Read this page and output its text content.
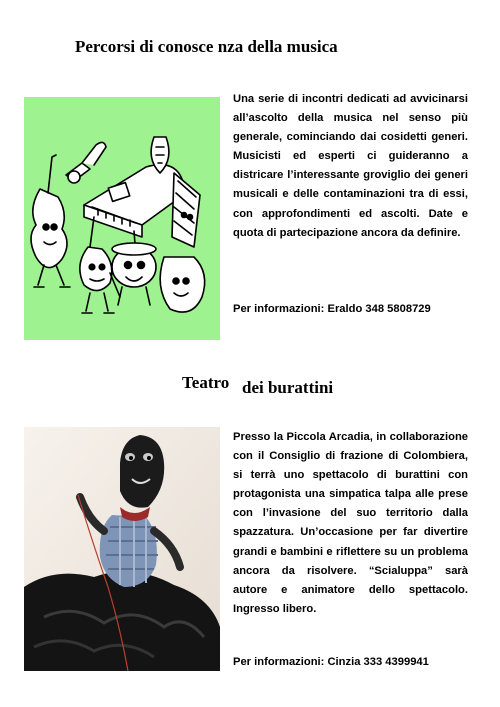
Percorsi di conosce nza della musica
Una serie di incontri dedicati ad avvicinarsi all’ascolto della musica nel senso più generale, cominciando dai cosidetti generi. Musicisti ed esperti ci guideranno a districare l’interessante groviglio dei generi musicali e delle contaminazioni tra di essi, con approfondimenti ed ascolti. Date e quota di partecipazione ancora da definire.
Per informazioni: Eraldo 348 5808729
Teatro dei burattini
Presso la Piccola Arcadia, in collaborazione con il Consiglio di frazione di Colombiera, si terrà uno spettacolo di burattini con protagonista una simpatica talpa alle prese con l’invasione del suo territorio dalla spazzatura. Un’occasione per far divertire grandi e bambini e riflettere su un problema ancora da risolvere. “Scialuppa” sarà autore e animatore dello spettacolo. Ingresso libero.
Per informazioni: Cinzia 333 4399941
